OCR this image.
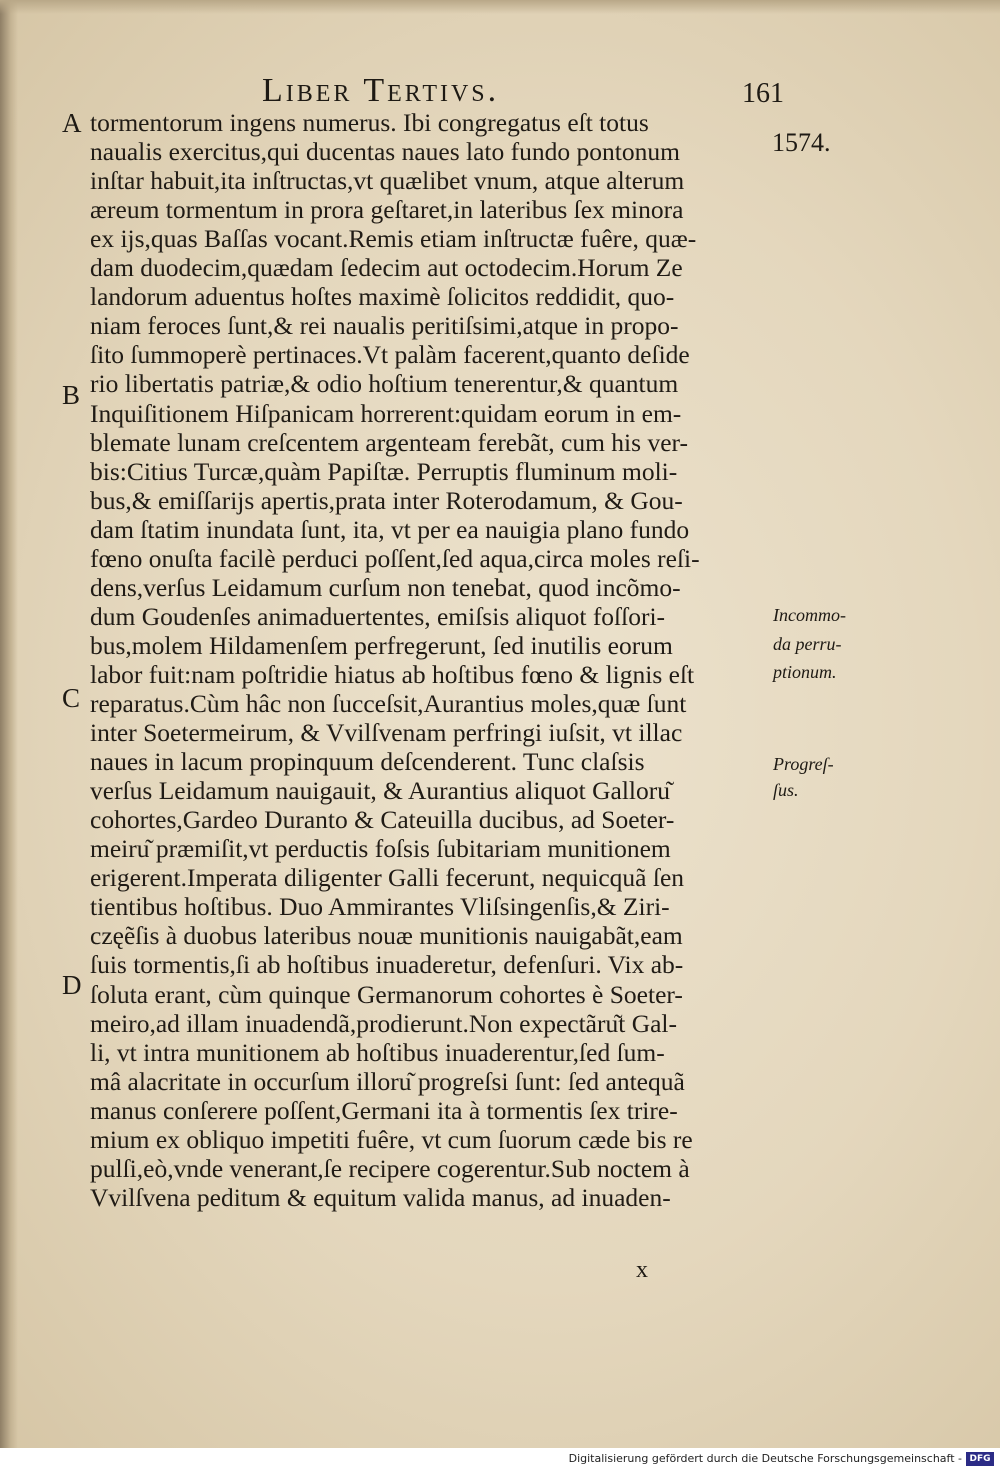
Liber Tertivs.	161
1574.
A
B
C
D
tormentorum ingens numerus. Ibi congregatus eſt totus
naualis exercitus,qui ducentas naues lato fundo pontonum
inſtar habuit,ita inſtructas,vt quælibet vnum, atque alterum
æreum tormentum in prora geſtaret,in lateribus ſex minora
ex ijs,quas Baſſas vocant.Remis etiam inſtructæ fuêre, quæ-
dam duodecim,quædam ſedecim aut octodecim.Horum Ze
landorum aduentus hoſtes maximè ſolicitos reddidit, quo-
niam feroces ſunt,& rei naualis peritiſsimi,atque in propo-
ſito ſummoperè pertinaces.Vt palàm facerent,quanto deſide
rio libertatis patriæ,& odio hoſtium tenerentur,& quantum
Inquiſitionem Hiſpanicam horrerent:quidam eorum in em-
blemate lunam creſcentem argenteam ferebãt, cum his ver-
bis:Citius Turcæ,quàm Papiſtæ. Perruptis fluminum moli-
bus,& emiſſarijs apertis,prata inter Roterodamum, & Gou-
dam ſtatim inundata ſunt, ita, vt per ea nauigia plano fundo
fœno onuſta facilè perduci poſſent,ſed aqua,circa moles reſi-
dens,verſus Leidamum curſum non tenebat, quod incõmo-
dum Goudenſes animaduertentes, emiſsis aliquot foſſori-
bus,molem Hildamenſem perfregerunt, ſed inutilis eorum
labor fuit:nam poſtridie hiatus ab hoſtibus fœno & lignis eſt
reparatus.Cùm hâc non ſucceſsit,Aurantius moles,quæ ſunt
inter Soetermeirum, & Vvilſvenam perfringi iuſsit, vt illac
naues in lacum propinquum deſcenderent. Tunc claſsis
verſus Leidamum nauigauit, & Aurantius aliquot Galloru͂
cohortes,Gardeo Duranto & Cateuilla ducibus, ad Soeter-
meiru͂ præmiſit,vt perductis foſsis ſubitariam munitionem
erigerent.Imperata diligenter Galli fecerunt, nequicquã ſen
tientibus hoſtibus. Duo Ammirantes Vliſsingenſis,& Ziri-
częẽſis à duobus lateribus nouæ munitionis nauigabãt,eam
ſuis tormentis,ſi ab hoſtibus inuaderetur, defenſuri. Vix ab-
ſoluta erant, cùm quinque Germanorum cohortes è Soeter-
meiro,ad illam inuadendã,prodierunt.Non expectãru͂t Gal-
li, vt intra munitionem ab hoſtibus inuaderentur,ſed ſum-
mâ alacritate in occurſum illoru͂ progreſsi ſunt: ſed antequã
manus conſerere poſſent,Germani ita à tormentis ſex trire-
mium ex obliquo impetiti fuêre, vt cum ſuorum cæde bis re
pulſi,eò,vnde venerant,ſe recipere cogerentur.Sub noctem à
Vvilſvena peditum & equitum valida manus, ad inuaden-
Incommo-
da perru-
ptionum.
Progreſ-
ſus.
x
Digitalisierung gefördert durch die Deutsche Forschungsgemeinschaft - DFG
